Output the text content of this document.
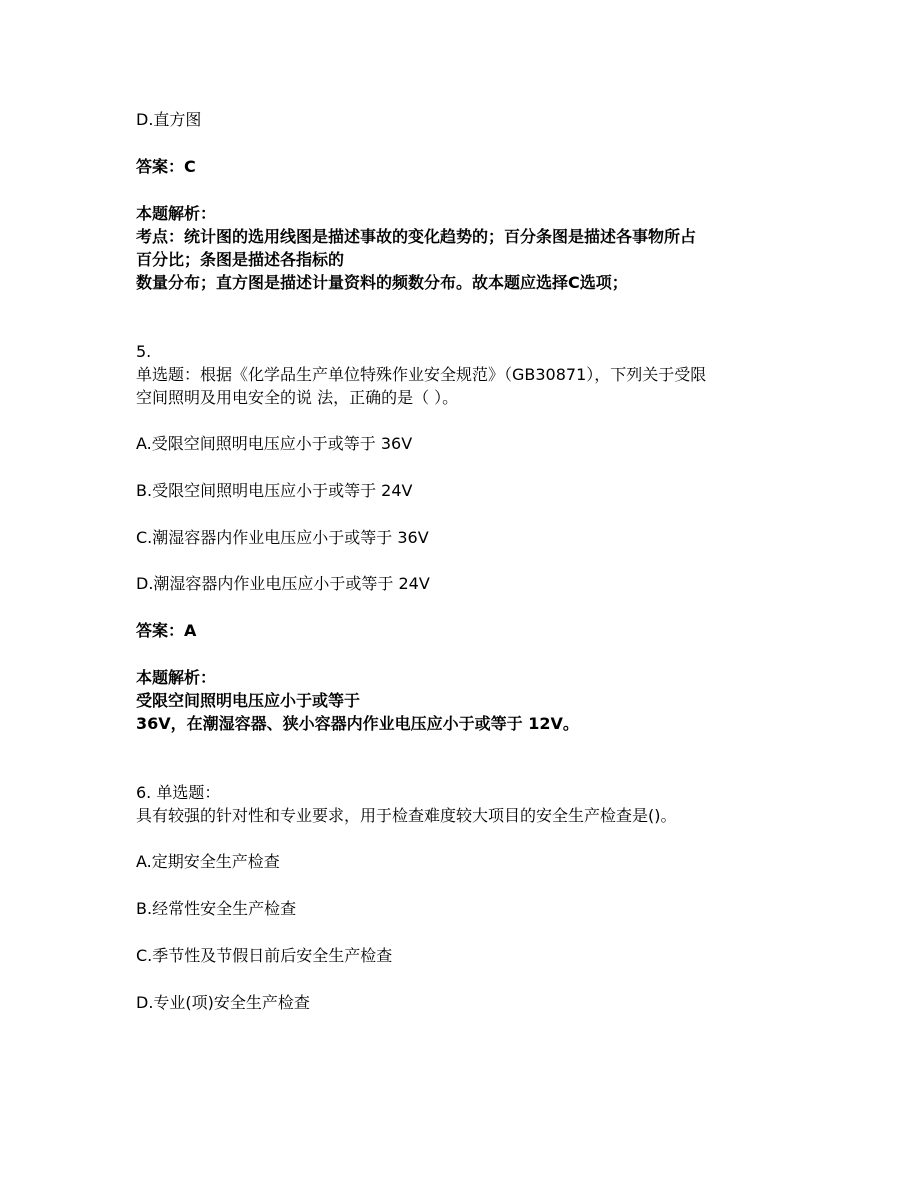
D.直方图

答案：C

本题解析：

考点：统计图的选用线图是描述事故的变化趋势的；百分条图是描述各事物所占

百分比；条图是描述各指标的

数量分布；直方图是描述计量资料的频数分布。故本题应选择C选项；

5.

单选题：根据《化学品生产单位特殊作业安全规范》（GB30871），下列关于受限

空间照明及用电安全的说 法，正确的是（ ）。

A.受限空间照明电压应小于或等于 36V

B.受限空间照明电压应小于或等于 24V

C.潮湿容器内作业电压应小于或等于 36V

D.潮湿容器内作业电压应小于或等于 24V

答案：A

本题解析：

受限空间照明电压应小于或等于

36V，在潮湿容器、狭小容器内作业电压应小于或等于 12V。

6. 单选题：

具有较强的针对性和专业要求，用于检查难度较大项目的安全生产检查是()。

A.定期安全生产检查

B.经常性安全生产检查

C.季节性及节假日前后安全生产检查

D.专业(项)安全生产检查
